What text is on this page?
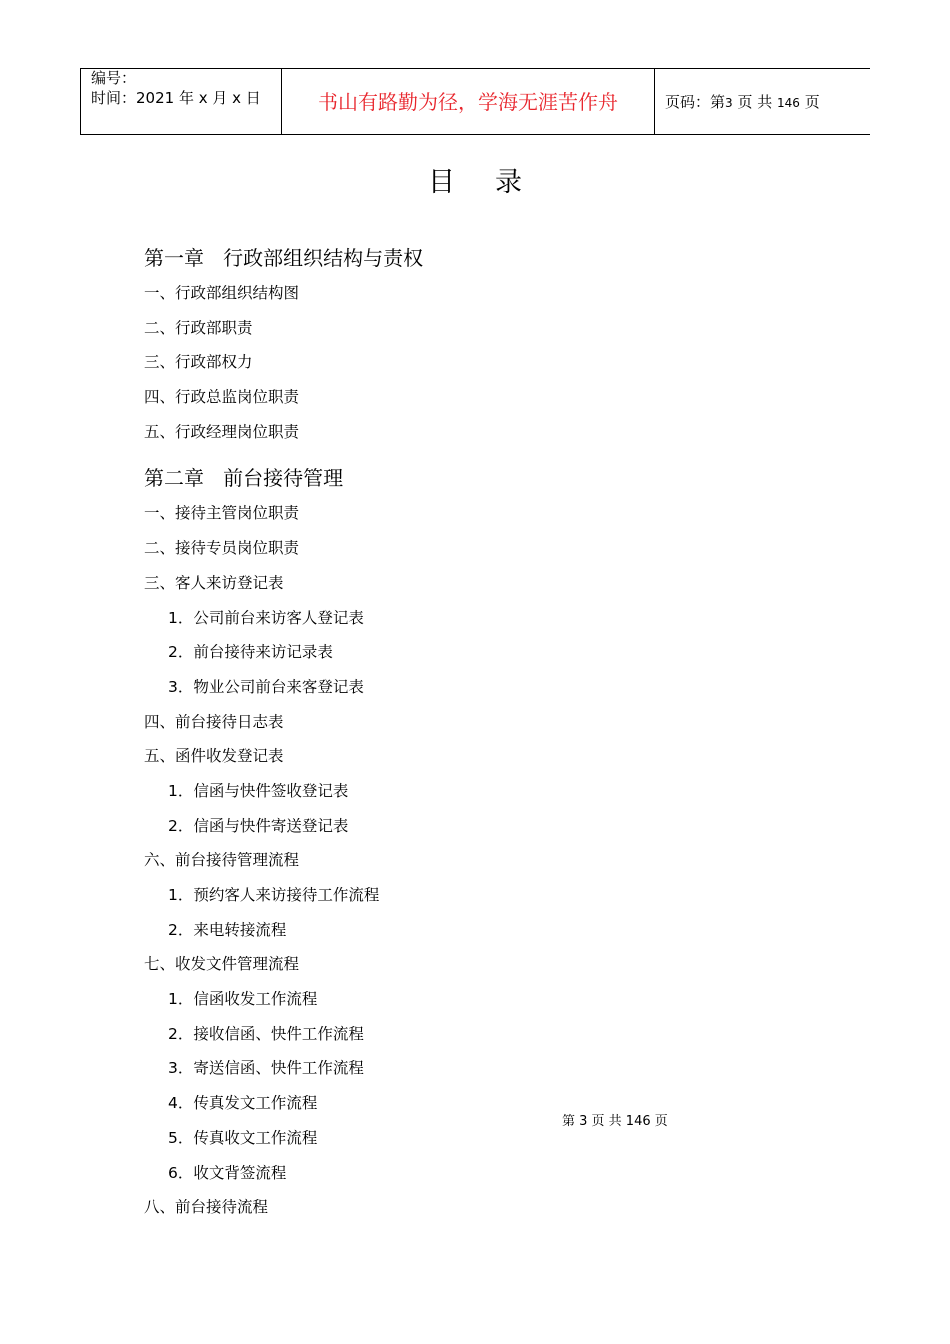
编号：
时间：2021 年 x 月 x 日	书山有路勤为径，学海无涯苦作舟	页码：第3 页 共 146 页
目录
第一章   行政部组织结构与责权
一、行政部组织结构图
二、行政部职责
三、行政部权力
四、行政总监岗位职责
五、行政经理岗位职责
第二章   前台接待管理
一、接待主管岗位职责
二、接待专员岗位职责
三、客人来访登记表
1．公司前台来访客人登记表
2．前台接待来访记录表
3．物业公司前台来客登记表
四、前台接待日志表
五、函件收发登记表
1．信函与快件签收登记表
2．信函与快件寄送登记表
六、前台接待管理流程
1．预约客人来访接待工作流程
2．来电转接流程
七、收发文件管理流程
1．信函收发工作流程
2．接收信函、快件工作流程
3．寄送信函、快件工作流程
4．传真发文工作流程
5．传真收文工作流程
6．收文背签流程
八、前台接待流程
第 3 页 共 146 页
